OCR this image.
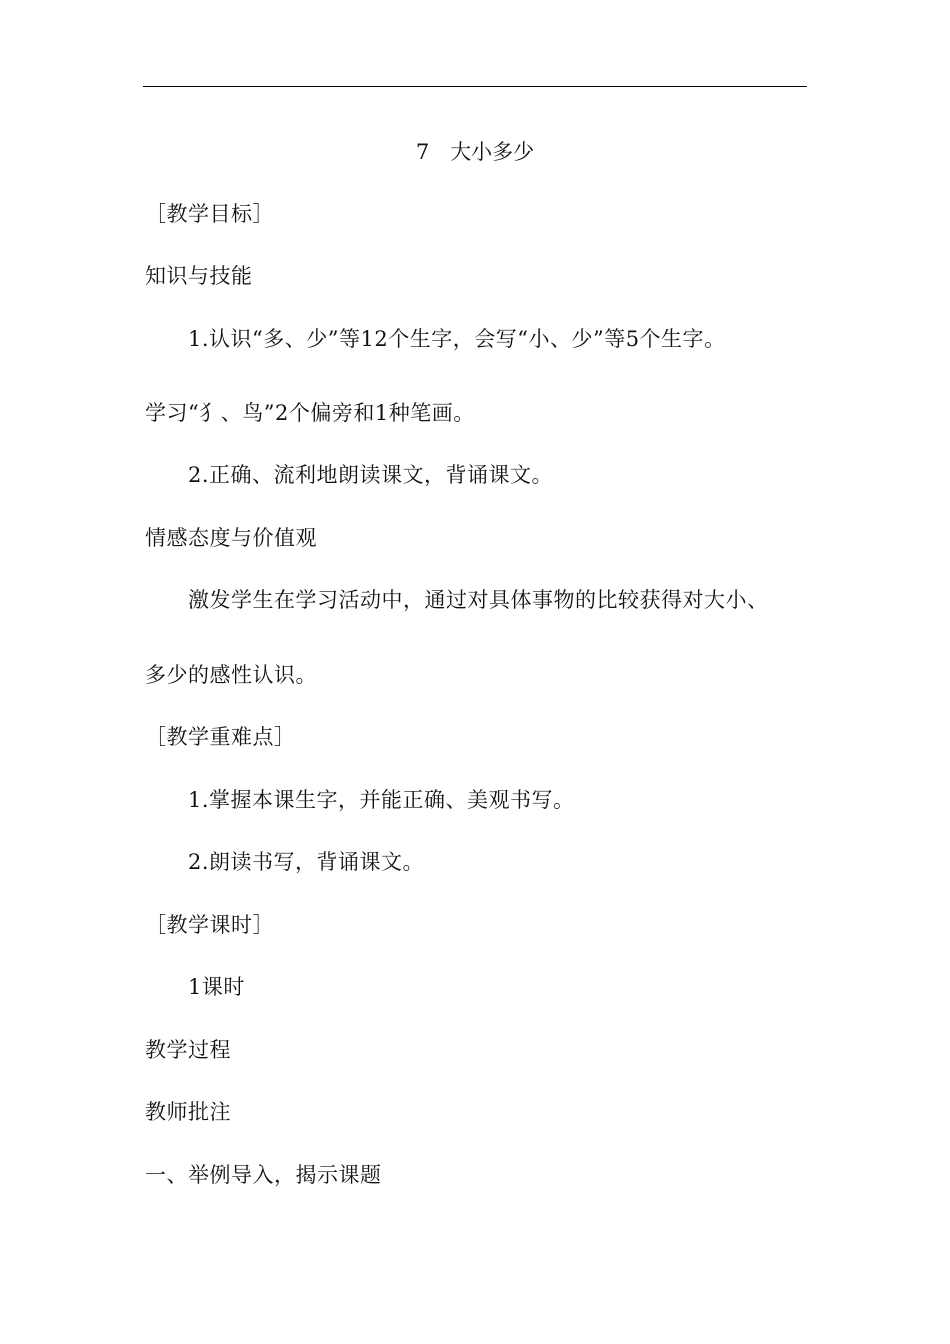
7　大小多少
［教学目标］
知识与技能
1.认识“多、少”等12个生字，会写“小、少”等5个生字。
学习“犭、鸟”2个偏旁和1种笔画。
2.正确、流利地朗读课文，背诵课文。
情感态度与价值观
激发学生在学习活动中，通过对具体事物的比较获得对大小、
多少的感性认识。
［教学重难点］
1.掌握本课生字，并能正确、美观书写。
2.朗读书写，背诵课文。
［教学课时］
1课时
教学过程
教师批注
一、举例导入，揭示课题
